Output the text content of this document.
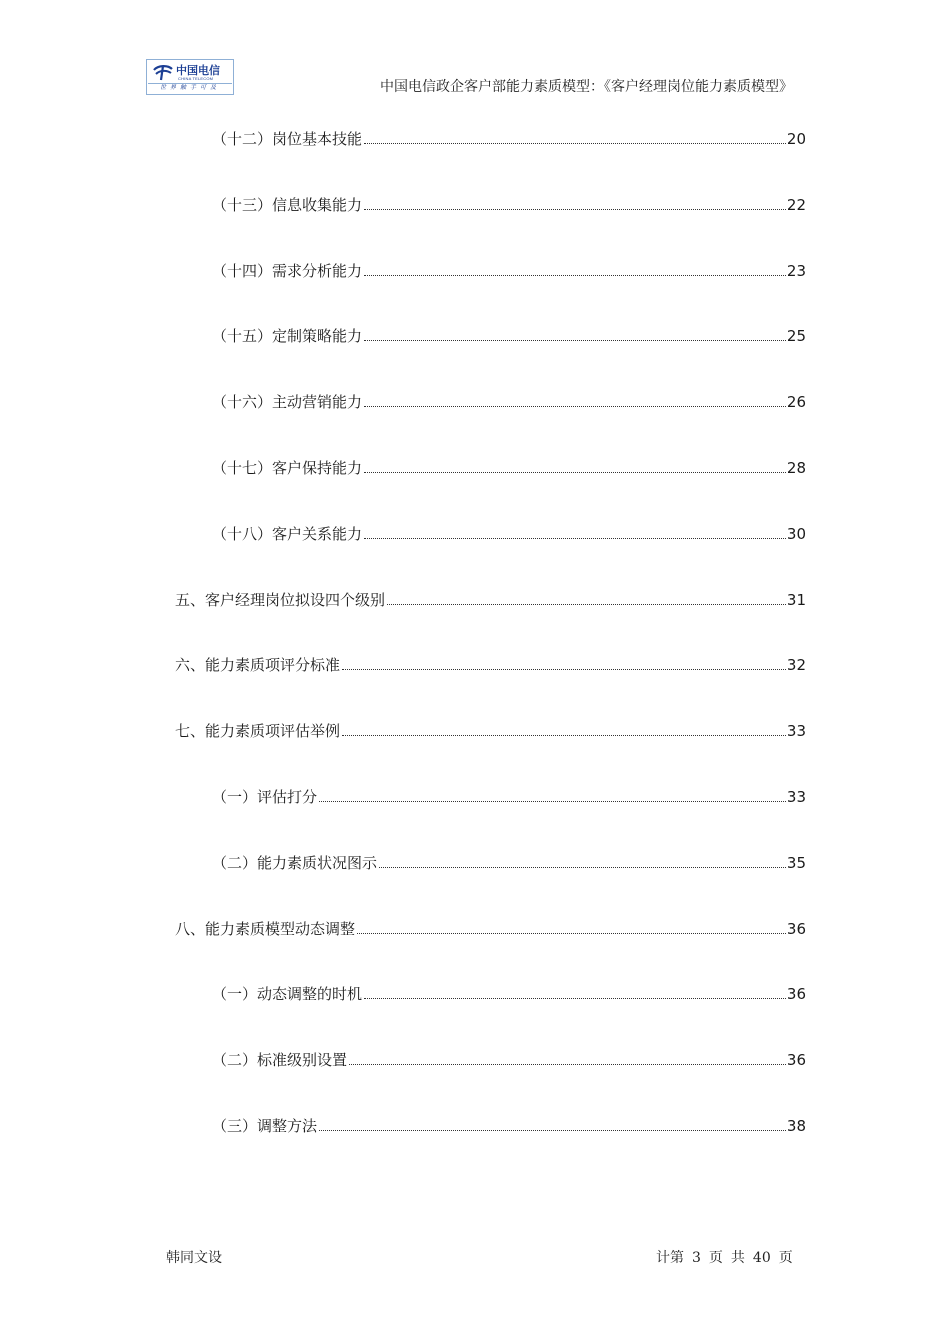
中国电信
CHINA TELECOM
世界触手可及	中国电信政企客户部能力素质模型：《客户经理岗位能力素质模型》
（十二）岗位基本技能	20
（十三）信息收集能力	22
（十四）需求分析能力	23
（十五）定制策略能力	25
（十六）主动营销能力	26
（十七）客户保持能力	28
（十八）客户关系能力	30
五、客户经理岗位拟设四个级别	31
六、能力素质项评分标准	32
七、能力素质项评估举例	33
（一）评估打分	33
（二）能力素质状况图示	35
八、能力素质模型动态调整	36
（一）动态调整的时机	36
（二）标准级别设置	36
（三）调整方法	38
韩同文设	计第 3 页 共 40 页
